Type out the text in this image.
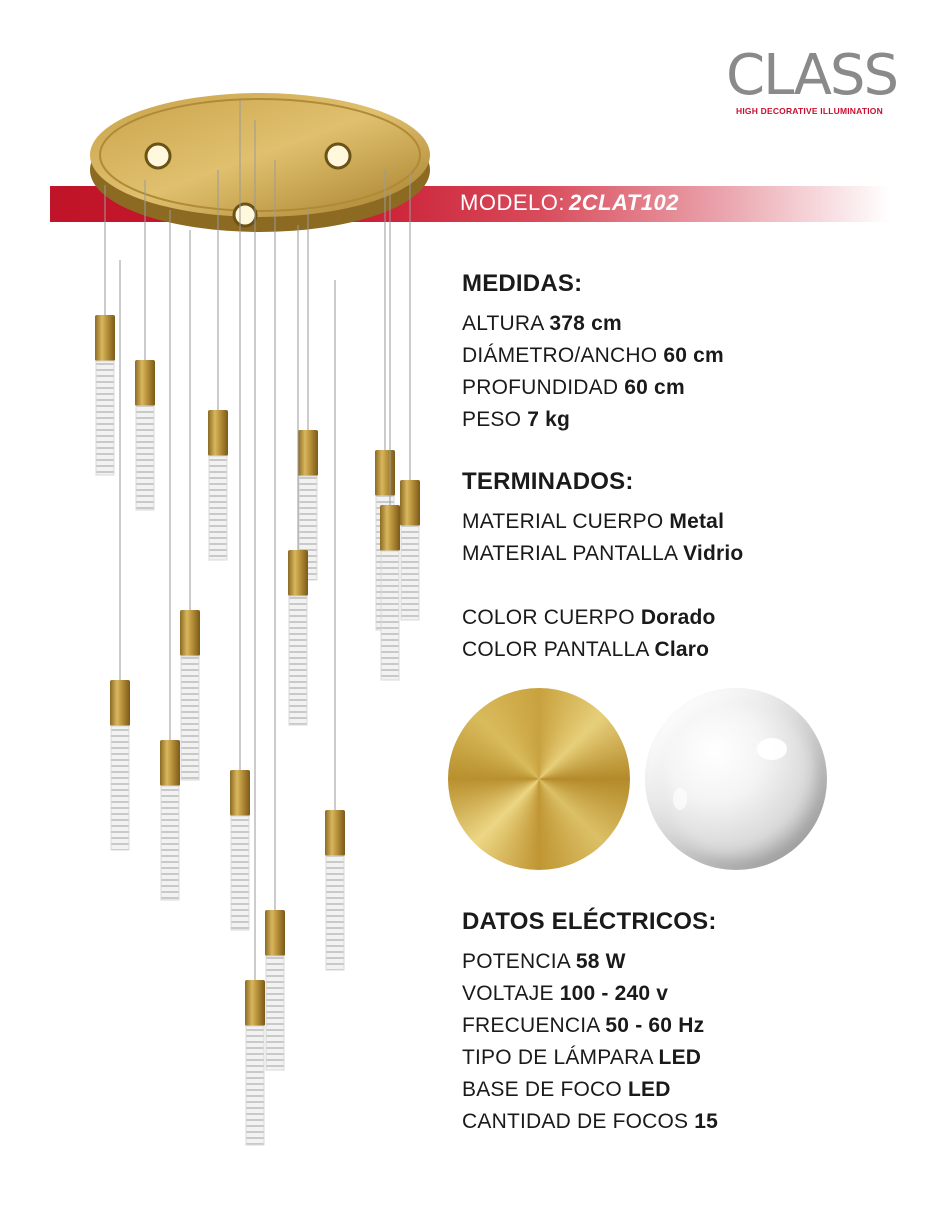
CLASS
HIGH DECORATIVE ILLUMINATION
MODELO: 2CLAT102
MEDIDAS:
ALTURA 378 cm
DIÁMETRO/ANCHO 60 cm
PROFUNDIDAD 60 cm
PESO 7 kg
TERMINADOS:
MATERIAL CUERPO Metal
MATERIAL PANTALLA Vidrio
COLOR CUERPO Dorado
COLOR PANTALLA Claro
DATOS ELÉCTRICOS:
POTENCIA 58 W
VOLTAJE 100 - 240 v
FRECUENCIA 50 - 60 Hz
TIPO DE LÁMPARA LED
BASE DE FOCO LED
CANTIDAD DE FOCOS 15
